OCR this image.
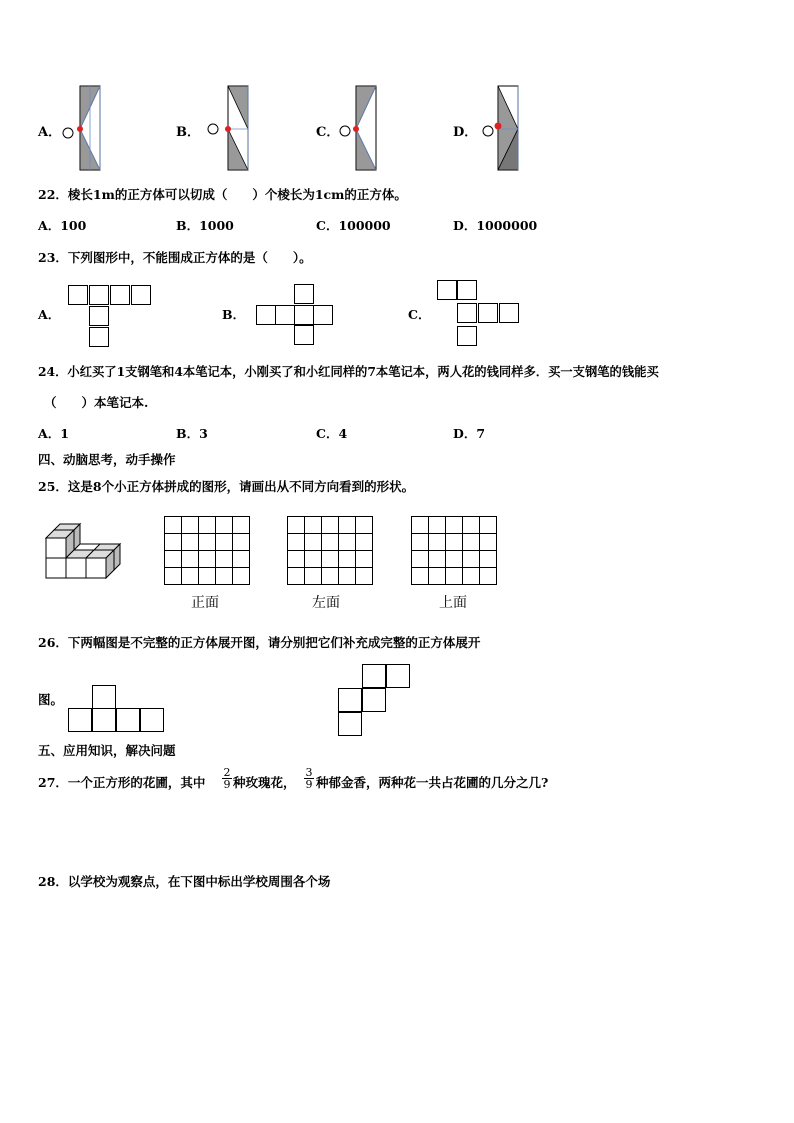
A．	B．	C．	D．
22．棱长1m的正方体可以切成（　　）个棱长为1cm的正方体。
A．100	B．1000	C．100000	D．1000000
23．下列图形中，不能围成正方体的是（　　）。
A．	B．	C．
24．小红买了1支钢笔和4本笔记本，小刚买了和小红同样的7本笔记本，两人花的钱同样多．买一支钢笔的钱能买
（　　）本笔记本.
A．1	B．3	C．4	D．7
四、动脑思考，动手操作
25．这是8个小正方体拼成的图形，请画出从不同方向看到的形状。
正面	左面	上面
26．下两幅图是不完整的正方体展开图，请分别把它们补充成完整的正方体展开
图。
五、应用知识，解决问题
27．一个正方形的花圃，其中 $\frac{2}{9}$ 种玫瑰花， $\frac{3}{9}$ 种郁金香，两种花一共占花圃的几分之几?
28．以学校为观察点，在下图中标出学校周围各个场
